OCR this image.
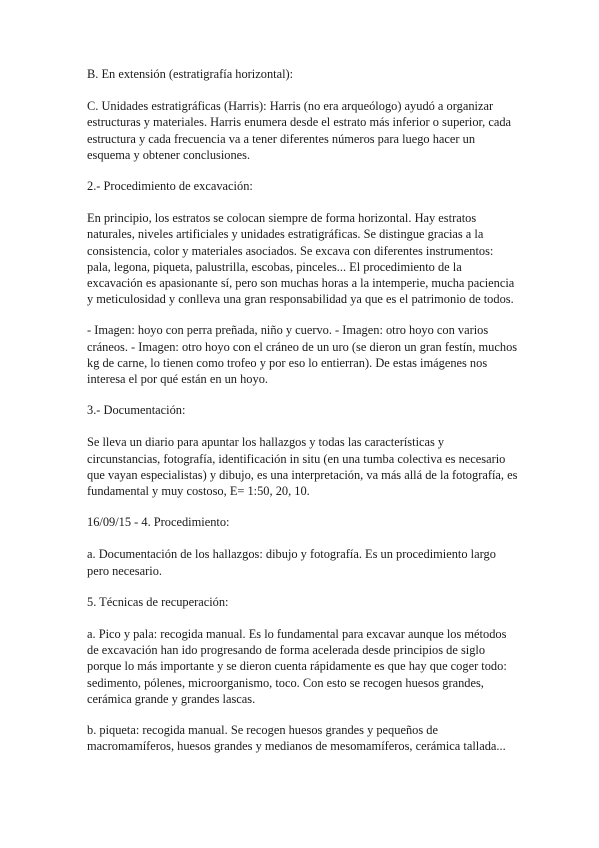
B. En extensión (estratigrafía horizontal):

C. Unidades estratigráficas (Harris): Harris (no era arqueólogo) ayudó a organizar estructuras y materiales. Harris enumera desde el estrato más inferior o superior, cada estructura y cada frecuencia va a tener diferentes números para luego hacer un esquema y obtener conclusiones.

2.- Procedimiento de excavación:

En principio, los estratos se colocan siempre de forma horizontal. Hay estratos naturales, niveles artificiales y unidades estratigráficas. Se distingue gracias a la consistencia, color y materiales asociados. Se excava con diferentes instrumentos: pala, legona, piqueta, palustrilla, escobas, pinceles... El procedimiento de la excavación es apasionante sí, pero son muchas horas a la intemperie, mucha paciencia y meticulosidad y conlleva una gran responsabilidad ya que es el patrimonio de todos.

- Imagen: hoyo con perra preñada, niño y cuervo. - Imagen: otro hoyo con varios cráneos. - Imagen: otro hoyo con el cráneo de un uro (se dieron un gran festín, muchos kg de carne, lo tienen como trofeo y por eso lo entierran). De estas imágenes nos interesa el por qué están en un hoyo.

3.- Documentación:

Se lleva un diario para apuntar los hallazgos y todas las características y circunstancias, fotografía, identificación in situ (en una tumba colectiva es necesario que vayan especialistas) y dibujo, es una interpretación, va más allá de la fotografía, es fundamental y muy costoso, E= 1:50, 20, 10.

16/09/15 - 4. Procedimiento:

a. Documentación de los hallazgos: dibujo y fotografía. Es un procedimiento largo pero necesario.

5. Técnicas de recuperación:

a. Pico y pala: recogida manual. Es lo fundamental para excavar aunque los métodos de excavación han ido progresando de forma acelerada desde principios de siglo porque lo más importante y se dieron cuenta rápidamente es que hay que coger todo: sedimento, pólenes, microorganismo, toco. Con esto se recogen huesos grandes, cerámica grande y grandes lascas.

b. piqueta: recogida manual. Se recogen huesos grandes y pequeños de macromamíferos, huesos grandes y medianos de mesomamíferos, cerámica tallada...
